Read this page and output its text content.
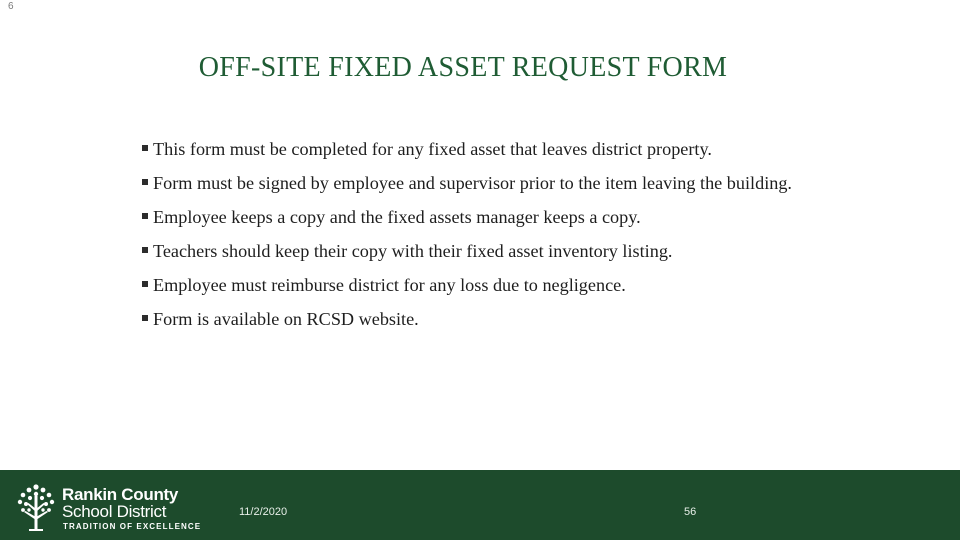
6
OFF-SITE FIXED ASSET REQUEST FORM
This form must be completed for any fixed asset that leaves district property.
Form must be signed by employee and supervisor prior to the item leaving the building.
Employee keeps a copy and the fixed assets manager keeps a copy.
Teachers should keep their copy with their fixed asset inventory listing.
Employee must reimburse district for any loss due to negligence.
Form is available on RCSD website.
Rankin County
School District
TRADITION OF EXCELLENCE
11/2/2020	56
